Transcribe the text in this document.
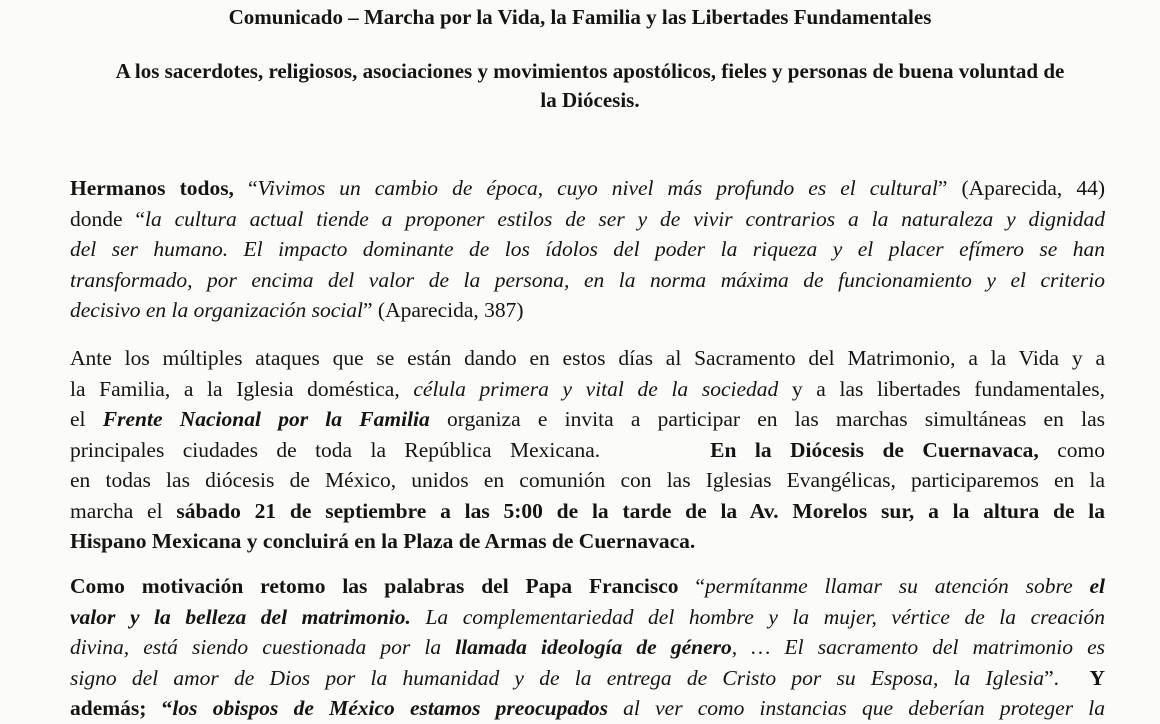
Comunicado – Marcha por la Vida, la Familia y las Libertades Fundamentales
A los sacerdotes, religiosos, asociaciones y movimientos apostólicos, fieles y personas de buena voluntad de la Diócesis.
Hermanos todos, “Vivimos un cambio de época, cuyo nivel más profundo es el cultural” (Aparecida, 44)
donde “la cultura actual tiende a proponer estilos de ser y de vivir contrarios a la naturaleza y dignidad
del ser humano. El impacto dominante de los ídolos del poder la riqueza y el placer efímero se han
transformado, por encima del valor de la persona, en la norma máxima de funcionamiento y el criterio
decisivo en la organización social” (Aparecida, 387)
Ante los múltiples ataques que se están dando en estos días al Sacramento del Matrimonio, a la Vida y a
la Familia, a la Iglesia doméstica, célula primera y vital de la sociedad y a las libertades fundamentales,
el Frente Nacional por la Familia organiza e invita a participar en las marchas simultáneas en las
principales ciudades de toda la República Mexicana.	En la Diócesis de Cuernavaca, como
en todas las diócesis de México, unidos en comunión con las Iglesias Evangélicas, participaremos en la
marcha el sábado 21 de septiembre a las 5:00 de la tarde de la Av. Morelos sur, a la altura de la
Hispano Mexicana y concluirá en la Plaza de Armas de Cuernavaca.
Como motivación retomo las palabras del Papa Francisco “permítanme llamar su atención sobre el
valor y la belleza del matrimonio. La complementariedad del hombre y la mujer, vértice de la creación
divina, está siendo cuestionada por la llamada ideología de género, … El sacramento del matrimonio es
signo del amor de Dios por la humanidad y de la entrega de Cristo por su Esposa, la Iglesia”. Y
además; “los obispos de México estamos preocupados al ver como instancias que deberían proteger la
